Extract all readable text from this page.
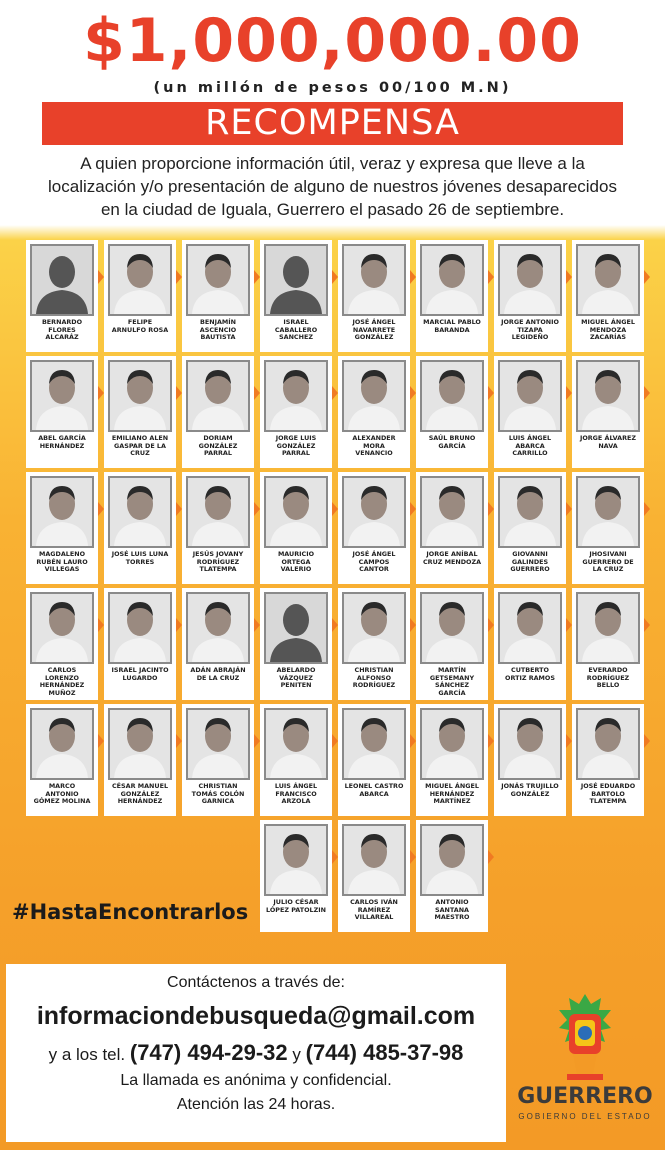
$1,000,000.00
(un millón de pesos 00/100 M.N)
RECOMPENSA
A quien proporcione información útil, veraz y expresa que lleve a la
localización y/o presentación de alguno de nuestros jóvenes desaparecidos
en la ciudad de Iguala, Guerrero el pasado 26 de septiembre.
BERNARDO
FLORES
ALCARÁZ
FELIPE
ARNULFO ROSA
BENJAMÍN
ASCENCIO
BAUTISTA
ISRAEL
CABALLERO
SANCHEZ
JOSÉ ÁNGEL
NAVARRETE
GONZÁLEZ
MARCIAL PABLO
BARANDA
JORGE ANTONIO
TIZAPA
LEGIDEÑO
MIGUEL ÁNGEL
MENDOZA
ZACARÍAS
ABEL GARCÍA
HERNÁNDEZ
EMILIANO ALEN
GASPAR DE LA
CRUZ
DORIAM
GONZÁLEZ
PARRAL
JORGE LUIS
GONZÁLEZ
PARRAL
ALEXANDER
MORA
VENANCIO
SAÚL BRUNO
GARCÍA
LUIS ÁNGEL
ABARCA
CARRILLO
JORGE ÁLVAREZ
NAVA
MAGDALENO
RUBÉN LAURO
VILLEGAS
JOSÉ LUIS LUNA
TORRES
JESÚS JOVANY
RODRÍGUEZ
TLATEMPA
MAURICIO
ORTEGA
VALERIO
JOSÉ ÁNGEL
CAMPOS
CANTOR
JORGE ANÍBAL
CRUZ MENDOZA
GIOVANNI
GALINDES
GUERRERO
JHOSIVANI
GUERRERO DE
LA CRUZ
CARLOS
LORENZO
HERNÁNDEZ
MUÑOZ
ISRAEL JACINTO
LUGARDO
ADÁN ABRAJÁN
DE LA CRUZ
ABELARDO
VÁZQUEZ
PENITEN
CHRISTIAN
ALFONSO
RODRÍGUEZ
MARTÍN
GETSEMANY
SÁNCHEZ
GARCÍA
CUTBERTO
ORTIZ RAMOS
EVERARDO
RODRÍGUEZ
BELLO
MARCO
ANTONIO
GÓMEZ MOLINA
CÉSAR MANUEL
GONZÁLEZ
HERNÁNDEZ
CHRISTIAN
TOMÁS COLÓN
GARNICA
LUIS ÁNGEL
FRANCISCO
ARZOLA
LEONEL CASTRO
ABARCA
MIGUEL ÁNGEL
HERNÁNDEZ
MARTÍNEZ
JONÁS TRUJILLO
GONZÁLEZ
JOSÉ EDUARDO
BARTOLO
TLATEMPA
JULIO CÉSAR
LÓPEZ PATOLZIN
CARLOS IVÁN
RAMÍREZ
VILLAREAL
ANTONIO
SANTANA
MAESTRO
#HastaEncontrarlos
Contáctenos a través de:
informaciondebusqueda@gmail.com
y a los tel. (747) 494-29-32 y (744) 485-37-98
La llamada es anónima y confidencial.
Atención las 24 horas.	GUERRERO
GOBIERNO DEL ESTADO
